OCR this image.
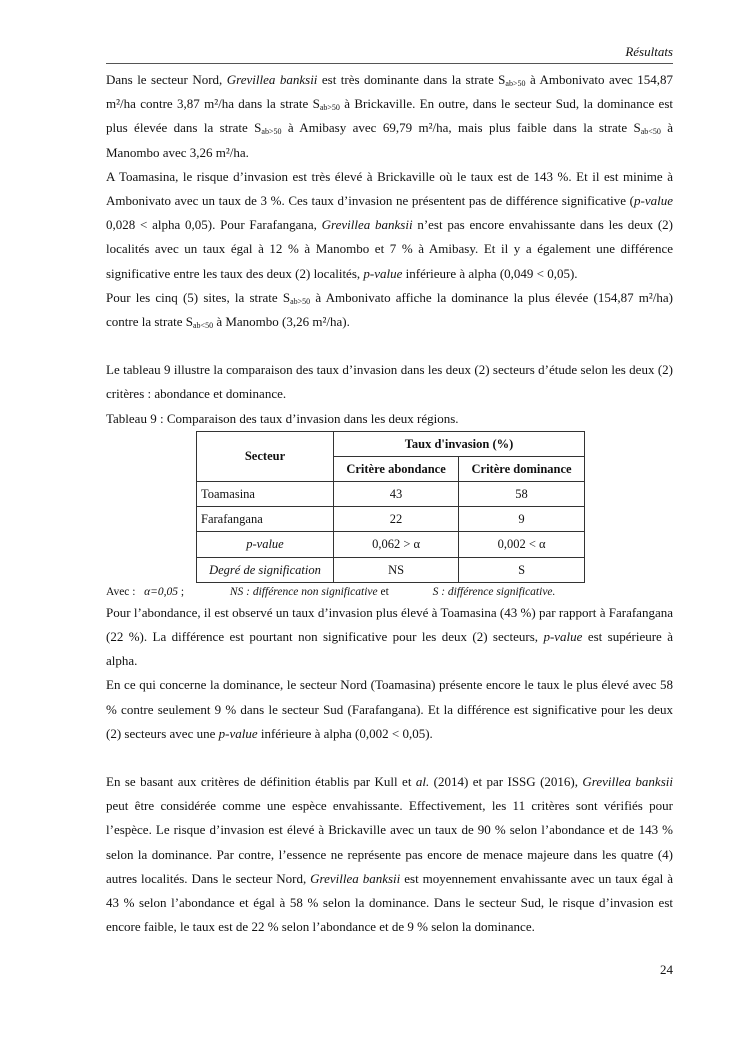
Résultats

Dans le secteur Nord, Grevillea banksii est très dominante dans la strate $S_{ab>50}$ à Ambonivato avec 154,87 m²/ha contre 3,87 m²/ha dans la strate $S_{ab>50}$ à Brickaville. En outre, dans le secteur Sud, la dominance est plus élevée dans la strate $S_{ab>50}$ à Amibasy avec 69,79 m²/ha, mais plus faible dans la strate $S_{ab<50}$ à Manombo avec 3,26 m²/ha.

A Toamasina, le risque d’invasion est très élevé à Brickaville où le taux est de 143 %. Et il est minime à Ambonivato avec un taux de 3 %. Ces taux d’invasion ne présentent pas de différence significative (p-value 0,028 < alpha 0,05). Pour Farafangana, Grevillea banksii n’est pas encore envahissante dans les deux (2) localités avec un taux égal à 12 % à Manombo et 7 % à Amibasy. Et il y a également une différence significative entre les taux des deux (2) localités, p-value inférieure à alpha (0,049 < 0,05).

Pour les cinq (5) sites, la strate $S_{ab>50}$ à Ambonivato affiche la dominance la plus élevée (154,87 m²/ha) contre la strate $S_{ab<50}$ à Manombo (3,26 m²/ha).

Le tableau 9 illustre la comparaison des taux d’invasion dans les deux (2) secteurs d’étude selon les deux (2) critères : abondance et dominance.

Tableau 9 : Comparaison des taux d’invasion dans les deux régions.

Secteur	Taux d'invasion (%)	
	Critère abondance	Critère dominance
Toamasina	43	58
Farafangana	22	9
p-value	0,062 > α	0,002 < α
Degré de signification	NS	S

Avec : α=0,05 ;	NS : différence non significative et	S : différence significative.

Pour l’abondance, il est observé un taux d’invasion plus élevé à Toamasina (43 %) par rapport à Farafangana (22 %). La différence est pourtant non significative pour les deux (2) secteurs, p-value est supérieure à alpha.

En ce qui concerne la dominance, le secteur Nord (Toamasina) présente encore le taux le plus élevé avec 58 % contre seulement 9 % dans le secteur Sud (Farafangana). Et la différence est significative pour les deux (2) secteurs avec une p-value inférieure à alpha (0,002 < 0,05).

En se basant aux critères de définition établis par Kull et al. (2014) et par ISSG (2016), Grevillea banksii peut être considérée comme une espèce envahissante. Effectivement, les 11 critères sont vérifiés pour l’espèce. Le risque d’invasion est élevé à Brickaville avec un taux de 90 % selon l’abondance et de 143 % selon la dominance. Par contre, l’essence ne représente pas encore de menace majeure dans les quatre (4) autres localités. Dans le secteur Nord, Grevillea banksii est moyennement envahissante avec un taux égal à 43 % selon l’abondance et égal à 58 % selon la dominance. Dans le secteur Sud, le risque d’invasion est encore faible, le taux est de 22 % selon l’abondance et de 9 % selon la dominance.

24
